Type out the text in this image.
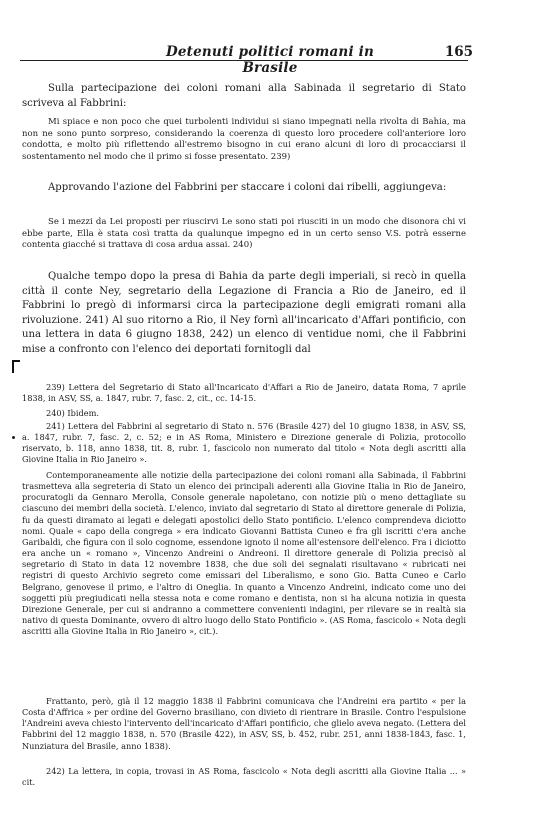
Detenuti politici romani in Brasile
165
Sulla partecipazione dei coloni romani alla Sabinada il segretario di Stato scriveva al Fabbrini:
Mi spiace e non poco che quei turbolenti individui si siano impegnati nella rivolta di Bahia, ma non ne sono punto sorpreso, considerando la coerenza di questo loro procedere coll'anteriore loro condotta, e molto più riflettendo all'estremo bisogno in cui erano alcuni di loro di procacciarsi il sostentamento nel modo che il primo si fosse presentato. 239)
Approvando l'azione del Fabbrini per staccare i coloni dai ribelli, aggiungeva:
Se i mezzi da Lei proposti per riuscirvi Le sono stati poi riusciti in un modo che disonora chi vi ebbe parte, Ella è stata così tratta da qualunque impegno ed in un certo senso V.S. potrà esserne contenta giacché si trattava di cosa ardua assai. 240)
Qualche tempo dopo la presa di Bahia da parte degli imperiali, si recò in quella città il conte Ney, segretario della Legazione di Francia a Rio de Janeiro, ed il Fabbrini lo pregò di informarsi circa la partecipazione degli emigrati romani alla rivoluzione. 241) Al suo ritorno a Rio, il Ney fornì all'incaricato d'Affari pontificio, con una lettera in data 6 giugno 1838, 242) un elenco di ventidue nomi, che il Fabbrini mise a confronto con l'elenco dei deportati fornitogli dal
239) Lettera del Segretario di Stato all'Incaricato d'Affari a Rio de Janeiro, datata Roma, 7 aprile 1838, in ASV, SS, a. 1847, rubr. 7, fasc. 2, cit., cc. 14-15.
240) Ibidem.
241) Lettera del Fabbrini al segretario di Stato n. 576 (Brasile 427) del 10 giugno 1838, in ASV, SS, a. 1847, rubr. 7, fasc. 2, c. 52; e in AS Roma, Ministero e Direzione generale di Polizia, protocollo riservato, b. 118, anno 1838, tit. 8, rubr. 1, fascicolo non numerato dal titolo « Nota degli ascritti alla Giovine Italia in Rio Janeiro ».
Contemporaneamente alle notizie della partecipazione dei coloni romani alla Sabinada, il Fabbrini trasmetteva alla segreteria di Stato un elenco dei principali aderenti alla Giovine Italia in Rio de Janeiro, procuratogli da Gennaro Merolla, Console generale napoletano, con notizie più o meno dettagliate su ciascuno dei membri della società. L'elenco, inviato dal segretario di Stato al direttore generale di Polizia, fu da questi diramato ai legati e delegati apostolici dello Stato pontificio. L'elenco comprendeva diciotto nomi. Quale « capo della congrega » era indicato Giovanni Battista Cuneo e fra gli iscritti c'era anche Garibaldi, che figura con il solo cognome, essendone ignoto il nome all'estensore dell'elenco. Fra i diciotto era anche un « romano », Vincenzo Andreini o Andreoni. Il direttore generale di Polizia precisò al segretario di Stato in data 12 novembre 1838, che due soli dei segnalati risultavano « rubricati nei registri di questo Archivio segreto come emissari del Liberalismo, e sono Gio. Batta Cuneo e Carlo Belgrano, genovese il primo, e l'altro di Oneglia. In quanto a Vincenzo Andreini, indicato come uno dei soggetti più pregiudicati nella stessa nota e come romano e dentista, non si ha alcuna notizia in questa Direzione Generale, per cui si andranno a commettere convenienti indagini, per rilevare se in realtà sia nativo di questa Dominante, ovvero di altro luogo dello Stato Pontificio ». (AS Roma, fascicolo « Nota degli ascritti alla Giovine Italia in Rio Janeiro », cit.).
Frattanto, però, già il 12 maggio 1838 il Fabbrini comunicava che l'Andreini era partito « per la Costa d'Affrica » per ordine del Governo brasiliano, con divieto di rientrare in Brasile. Contro l'espulsione l'Andreini aveva chiesto l'intervento dell'incaricato d'Affari pontificio, che glielo aveva negato. (Lettera del Fabbrini del 12 maggio 1838, n. 570 (Brasile 422), in ASV, SS, b. 452, rubr. 251, anni 1838-1843, fasc. 1, Nunziatura del Brasile, anno 1838).
242) La lettera, in copia, trovasi in AS Roma, fascicolo « Nota degli ascritti alla Giovine Italia ... » cit.
